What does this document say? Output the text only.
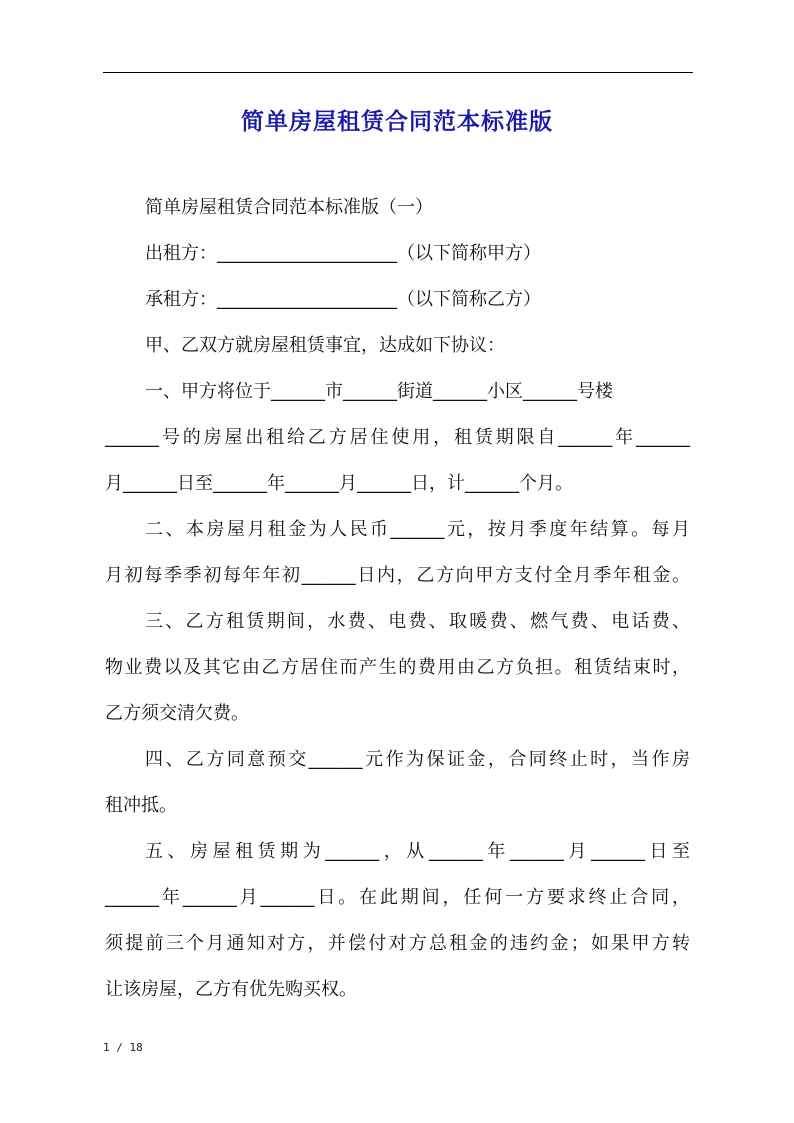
简单房屋租赁合同范本标准版
简单房屋租赁合同范本标准版（一）
出租方：____________________（以下简称甲方）
承租方：____________________（以下简称乙方）
甲、乙双方就房屋租赁事宜，达成如下协议：
一、甲方将位于______市______街道______小区______号楼
______号的房屋出租给乙方居住使用，租赁期限自______年______
月______日至______年______月______日，计______个月。
二、本房屋月租金为人民币______元，按月季度年结算。每月
月初每季季初每年年初______日内，乙方向甲方支付全月季年租金。
三、乙方租赁期间，水费、电费、取暖费、燃气费、电话费、
物业费以及其它由乙方居住而产生的费用由乙方负担。租赁结束时，
乙方须交清欠费。
四、乙方同意预交______元作为保证金，合同终止时，当作房
租冲抵。
五、房屋租赁期为______，从______年______月______日至
______年______月______日。在此期间，任何一方要求终止合同，
须提前三个月通知对方，并偿付对方总租金的违约金；如果甲方转
让该房屋，乙方有优先购买权。
1 / 18
